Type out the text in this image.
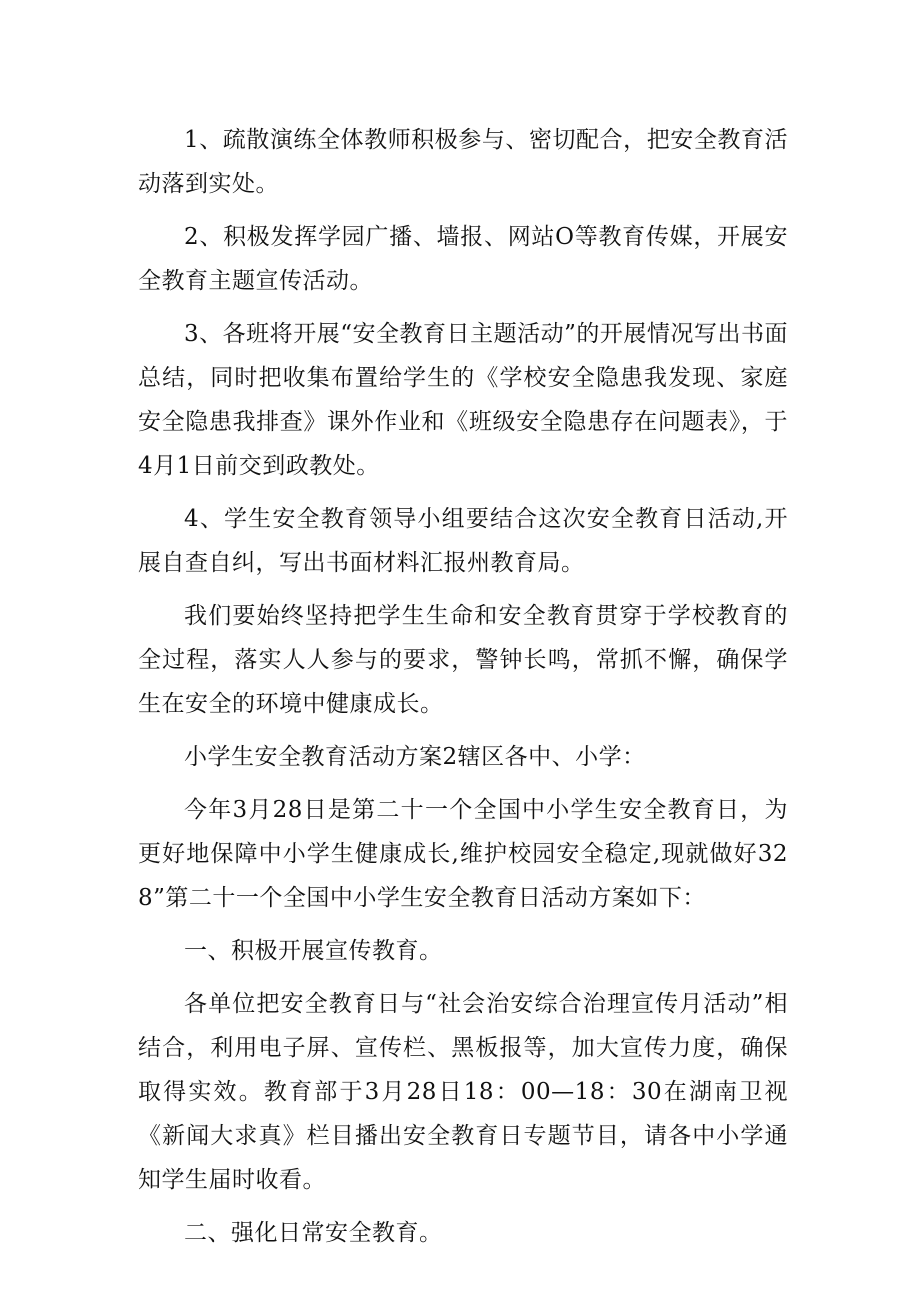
1、疏散演练全体教师积极参与、密切配合，把安全教育活动落到实处。

2、积极发挥学园广播、墙报、网站O等教育传媒，开展安全教育主题宣传活动。

3、各班将开展“安全教育日主题活动”的开展情况写出书面总结，同时把收集布置给学生的《学校安全隐患我发现、家庭安全隐患我排查》课外作业和《班级安全隐患存在问题表》，于4月1日前交到政教处。

4、学生安全教育领导小组要结合这次安全教育日活动,开展自查自纠，写出书面材料汇报州教育局。

我们要始终坚持把学生生命和安全教育贯穿于学校教育的全过程，落实人人参与的要求，警钟长鸣，常抓不懈，确保学生在安全的环境中健康成长。

小学生安全教育活动方案2辖区各中、小学：

今年3月28日是第二十一个全国中小学生安全教育日，为更好地保障中小学生健康成长,维护校园安全稳定,现就做好328”第二十一个全国中小学生安全教育日活动方案如下：

一、积极开展宣传教育。

各单位把安全教育日与“社会治安综合治理宣传月活动”相结合，利用电子屏、宣传栏、黑板报等，加大宣传力度，确保取得实效。教育部于3月28日18：00—18：30在湖南卫视《新闻大求真》栏目播出安全教育日专题节目，请各中小学通知学生届时收看。

二、强化日常安全教育。
